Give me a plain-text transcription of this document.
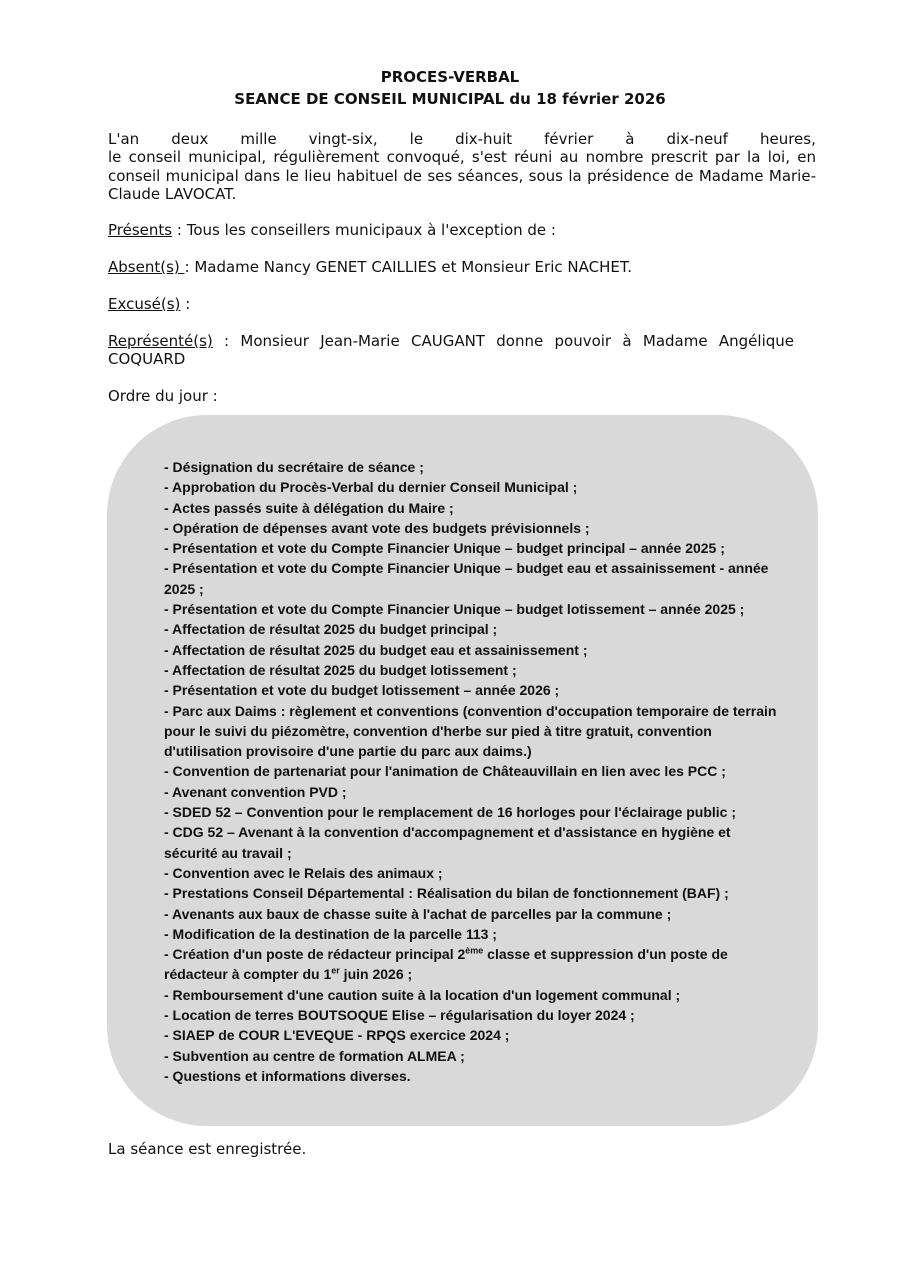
PROCES-VERBAL
SEANCE DE CONSEIL MUNICIPAL du 18 février 2026
L'an deux mille vingt-six, le dix-huit février à dix-neuf heures,
le conseil municipal, régulièrement convoqué, s'est réuni au nombre prescrit par la loi, en conseil municipal dans le lieu habituel de ses séances, sous la présidence de Madame Marie-Claude LAVOCAT.
Présents : Tous les conseillers municipaux à l'exception de :
Absent(s) : Madame Nancy GENET CAILLIES et Monsieur Eric NACHET.
Excusé(s) :
Représenté(s) : Monsieur Jean-Marie CAUGANT donne pouvoir à Madame Angélique COQUARD
Ordre du jour :
- Désignation du secrétaire de séance ;
- Approbation du Procès-Verbal du dernier Conseil Municipal ;
- Actes passés suite à délégation du Maire ;
- Opération de dépenses avant vote des budgets prévisionnels ;
- Présentation et vote du Compte Financier Unique – budget principal – année 2025 ;
- Présentation et vote du Compte Financier Unique – budget eau et assainissement - année 2025 ;
- Présentation et vote du Compte Financier Unique – budget lotissement – année 2025 ;
- Affectation de résultat 2025 du budget principal ;
- Affectation de résultat 2025 du budget eau et assainissement ;
- Affectation de résultat 2025 du budget lotissement ;
- Présentation et vote du budget lotissement – année 2026 ;
- Parc aux Daims : règlement et conventions (convention d'occupation temporaire de terrain pour le suivi du piézomètre, convention d'herbe sur pied à titre gratuit, convention d'utilisation provisoire d'une partie du parc aux daims.)
- Convention de partenariat pour l'animation de Châteauvillain en lien avec les PCC ;
- Avenant convention PVD ;
- SDED 52 – Convention pour le remplacement de 16 horloges pour l'éclairage public ;
- CDG 52 – Avenant à la convention d'accompagnement et d'assistance en hygiène et sécurité au travail ;
- Convention avec le Relais des animaux ;
- Prestations Conseil Départemental : Réalisation du bilan de fonctionnement (BAF) ;
- Avenants aux baux de chasse suite à l'achat de parcelles par la commune ;
- Modification de la destination de la parcelle 113 ;
- Création d'un poste de rédacteur principal 2ème classe et suppression d'un poste de rédacteur à compter du 1er juin 2026 ;
- Remboursement d'une caution suite à la location d'un logement communal ;
- Location de terres BOUTSOQUE Elise – régularisation du loyer 2024 ;
- SIAEP de COUR L'EVEQUE - RPQS exercice 2024 ;
- Subvention au centre de formation ALMEA ;
- Questions et informations diverses.
La séance est enregistrée.
